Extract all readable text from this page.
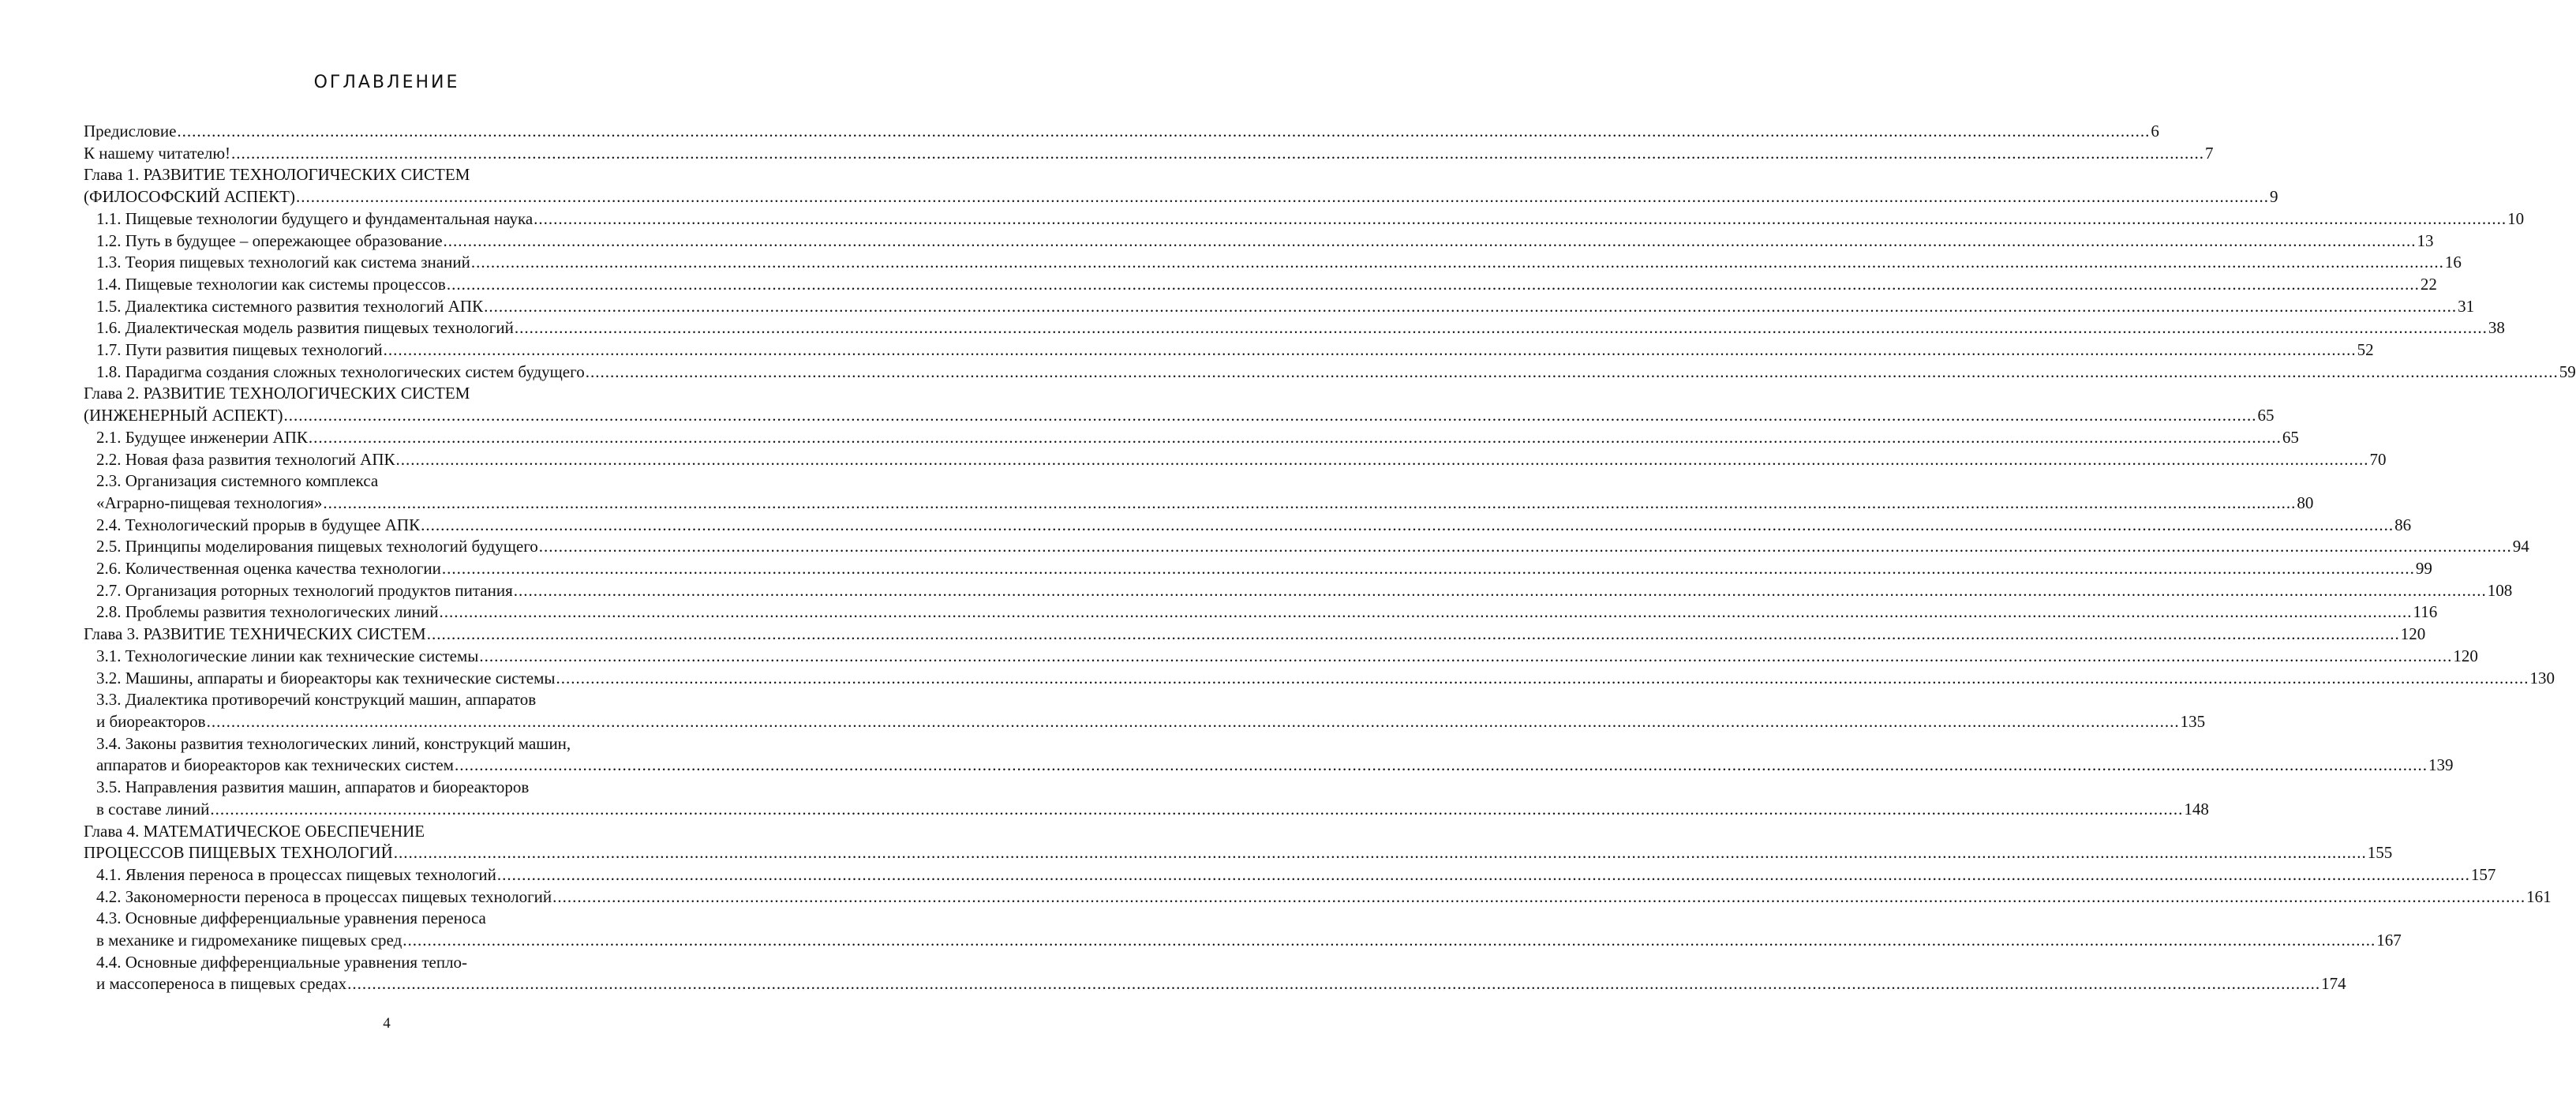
ОГЛАВЛЕНИЕ
Предисловие ................................................................................................................................................................................................................................................................................................................................................................................................................ 6
К нашему читателю! ................................................................................................................................................................................................................................................................................................................................................................................................................ 7
Глава 1. РАЗВИТИЕ ТЕХНОЛОГИЧЕСКИХ СИСТЕМ
(ФИЛОСОФСКИЙ АСПЕКТ) ................................................................................................................................................................................................................................................................................................................................................................................................................ 9
1.1. Пищевые технологии будущего и фундаментальная наука ................................................................................................................................................................................................................................................................................................................................................................................................................ 10
1.2. Путь в будущее – опережающее образование ................................................................................................................................................................................................................................................................................................................................................................................................................ 13
1.3. Теория пищевых технологий как система знаний ................................................................................................................................................................................................................................................................................................................................................................................................................ 16
1.4. Пищевые технологии как системы процессов ................................................................................................................................................................................................................................................................................................................................................................................................................ 22
1.5. Диалектика системного развития технологий АПК ................................................................................................................................................................................................................................................................................................................................................................................................................ 31
1.6. Диалектическая модель развития пищевых технологий ................................................................................................................................................................................................................................................................................................................................................................................................................ 38
1.7. Пути развития пищевых технологий ................................................................................................................................................................................................................................................................................................................................................................................................................ 52
1.8. Парадигма создания сложных технологических систем будущего ................................................................................................................................................................................................................................................................................................................................................................................................................ 59
Глава 2. РАЗВИТИЕ ТЕХНОЛОГИЧЕСКИХ СИСТЕМ
(ИНЖЕНЕРНЫЙ АСПЕКТ) ................................................................................................................................................................................................................................................................................................................................................................................................................ 65
2.1. Будущее инженерии АПК ................................................................................................................................................................................................................................................................................................................................................................................................................ 65
2.2. Новая фаза развития технологий АПК ................................................................................................................................................................................................................................................................................................................................................................................................................ 70
2.3. Организация системного комплекса
«Аграрно-пищевая технология» ................................................................................................................................................................................................................................................................................................................................................................................................................ 80
2.4. Технологический прорыв в будущее АПК ................................................................................................................................................................................................................................................................................................................................................................................................................ 86
2.5. Принципы моделирования пищевых технологий будущего ................................................................................................................................................................................................................................................................................................................................................................................................................ 94
2.6. Количественная оценка качества технологии ................................................................................................................................................................................................................................................................................................................................................................................................................ 99
2.7. Организация роторных технологий продуктов питания ................................................................................................................................................................................................................................................................................................................................................................................................................ 108
2.8. Проблемы развития технологических линий ................................................................................................................................................................................................................................................................................................................................................................................................................ 116
Глава 3. РАЗВИТИЕ ТЕХНИЧЕСКИХ СИСТЕМ ................................................................................................................................................................................................................................................................................................................................................................................................................ 120
3.1. Технологические линии как технические системы ................................................................................................................................................................................................................................................................................................................................................................................................................ 120
3.2. Машины, аппараты и биореакторы как технические системы ................................................................................................................................................................................................................................................................................................................................................................................................................ 130
3.3. Диалектика противоречий конструкций машин, аппаратов
и биореакторов ................................................................................................................................................................................................................................................................................................................................................................................................................ 135
3.4. Законы развития технологических линий, конструкций машин,
аппаратов и биореакторов как технических систем ................................................................................................................................................................................................................................................................................................................................................................................................................ 139
3.5. Направления развития машин, аппаратов и биореакторов
в составе линий ................................................................................................................................................................................................................................................................................................................................................................................................................ 148
Глава 4. МАТЕМАТИЧЕСКОЕ ОБЕСПЕЧЕНИЕ
ПРОЦЕССОВ ПИЩЕВЫХ ТЕХНОЛОГИЙ ................................................................................................................................................................................................................................................................................................................................................................................................................ 155
4.1. Явления переноса в процессах пищевых технологий ................................................................................................................................................................................................................................................................................................................................................................................................................ 157
4.2. Закономерности переноса в процессах пищевых технологий ................................................................................................................................................................................................................................................................................................................................................................................................................ 161
4.3. Основные дифференциальные уравнения переноса
в механике и гидромеханике пищевых сред ................................................................................................................................................................................................................................................................................................................................................................................................................ 167
4.4. Основные дифференциальные уравнения тепло-
и массопереноса в пищевых средах ................................................................................................................................................................................................................................................................................................................................................................................................................ 174
4
